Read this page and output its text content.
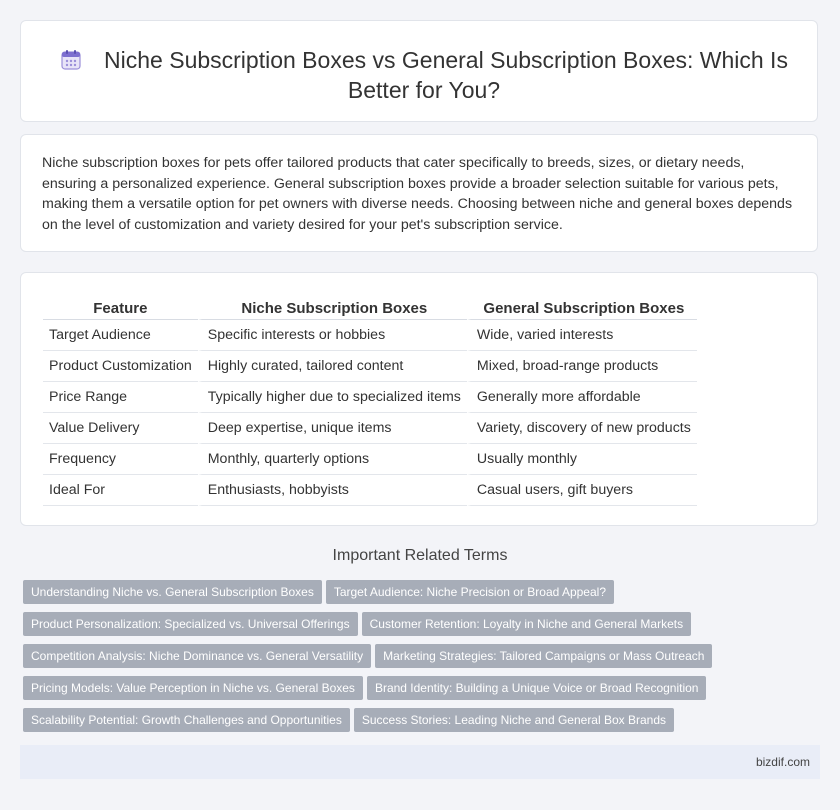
Niche Subscription Boxes vs General Subscription Boxes: Which Is Better for You?
Niche subscription boxes for pets offer tailored products that cater specifically to breeds, sizes, or dietary needs, ensuring a personalized experience. General subscription boxes provide a broader selection suitable for various pets, making them a versatile option for pet owners with diverse needs. Choosing between niche and general boxes depends on the level of customization and variety desired for your pet's subscription service.
Feature	Niche Subscription Boxes	General Subscription Boxes
Target Audience	Specific interests or hobbies	Wide, varied interests
Product Customization	Highly curated, tailored content	Mixed, broad-range products
Price Range	Typically higher due to specialized items	Generally more affordable
Value Delivery	Deep expertise, unique items	Variety, discovery of new products
Frequency	Monthly, quarterly options	Usually monthly
Ideal For	Enthusiasts, hobbyists	Casual users, gift buyers
Important Related Terms
Understanding Niche vs. General Subscription Boxes Target Audience: Niche Precision or Broad Appeal?
Product Personalization: Specialized vs. Universal Offerings Customer Retention: Loyalty in Niche and General Markets
Competition Analysis: Niche Dominance vs. General Versatility Marketing Strategies: Tailored Campaigns or Mass Outreach
Pricing Models: Value Perception in Niche vs. General Boxes Brand Identity: Building a Unique Voice or Broad Recognition
Scalability Potential: Growth Challenges and Opportunities Success Stories: Leading Niche and General Box Brands
bizdif.com
